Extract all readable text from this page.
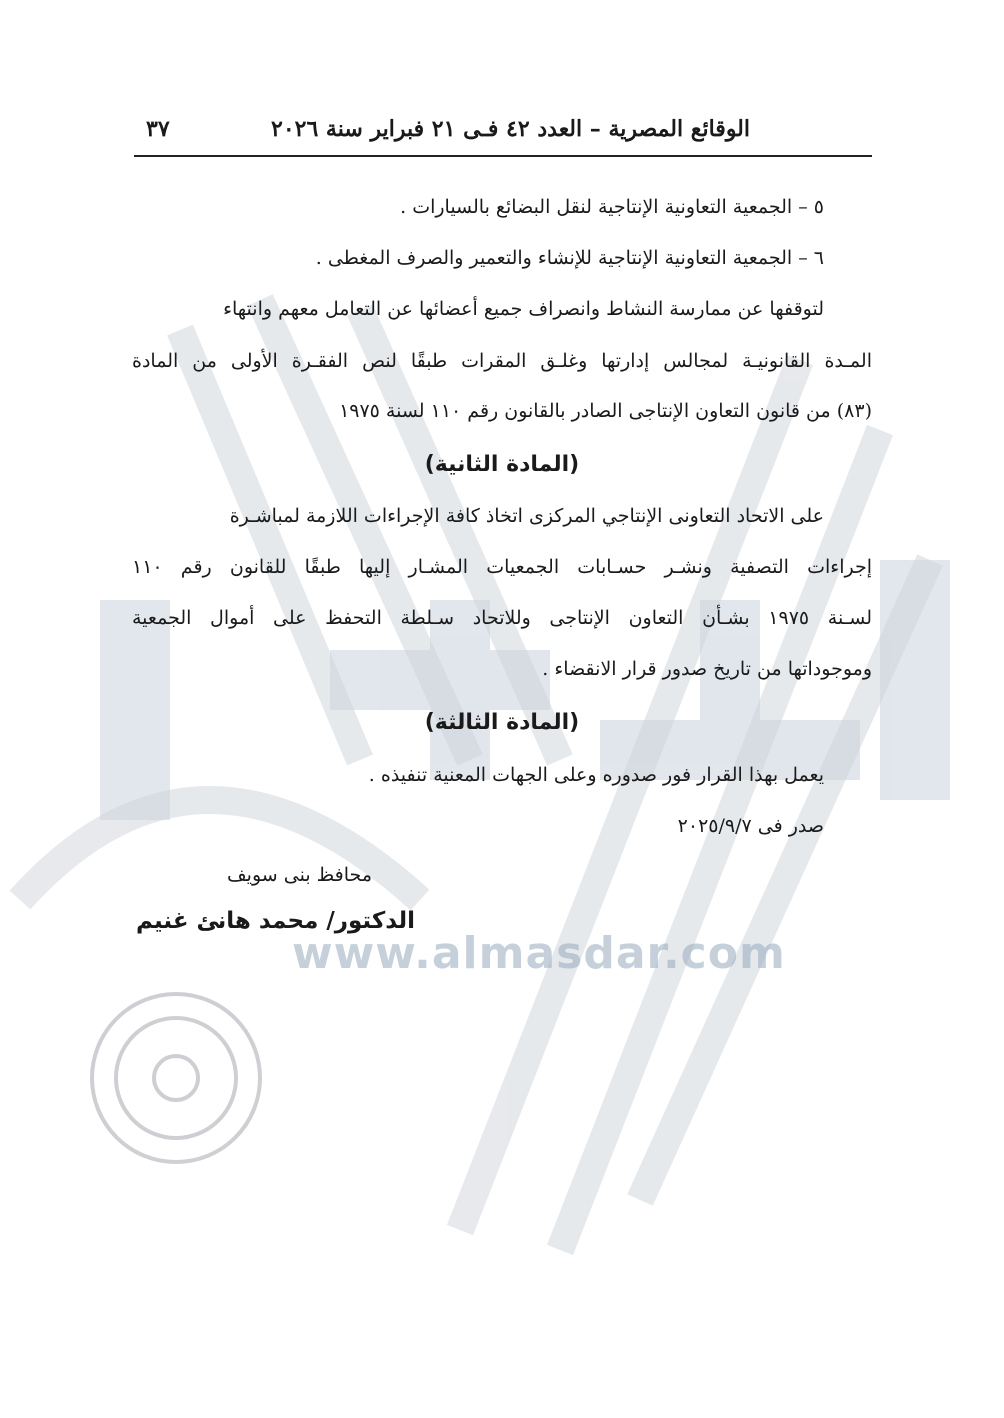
www.almasdar.com
الوقائع المصرية – العدد ٤٢ فـى ٢١ فبراير سنة ٢٠٢٦
٣٧
٥ – الجمعية التعاونية الإنتاجية لنقل البضائع بالسيارات .
٦ – الجمعية التعاونية الإنتاجية للإنشاء والتعمير والصرف المغطى .
لتوقفها عن ممارسة النشاط وانصراف جميع أعضائها عن التعامل معهم وانتهاء
المـدة القانونيـة لمجالس إدارتها وغلـق المقرات طبقًا لنص الفقـرة الأولى من المادة
(٨٣) من قانون التعاون الإنتاجى الصادر بالقانون رقم ١١٠ لسنة ١٩٧٥
(المادة الثانية)
على الاتحاد التعاونى الإنتاجي المركزى اتخاذ كافة الإجراءات اللازمة لمباشـرة
إجراءات التصفية ونشـر حسـابات الجمعيات المشـار إليها طبقًا للقانون رقم ١١٠
لسـنة ١٩٧٥ بشـأن التعاون الإنتاجى وللاتحاد سـلطة التحفظ على أموال الجمعية
وموجوداتها من تاريخ صدور قرار الانقضاء .
(المادة الثالثة)
يعمل بهذا القرار فور صدوره وعلى الجهات المعنية تنفيذه .
صدر فى ٢٠٢٥/٩/٧
محافظ بنى سويف
الدكتور/ محمد هانئ غنيم
